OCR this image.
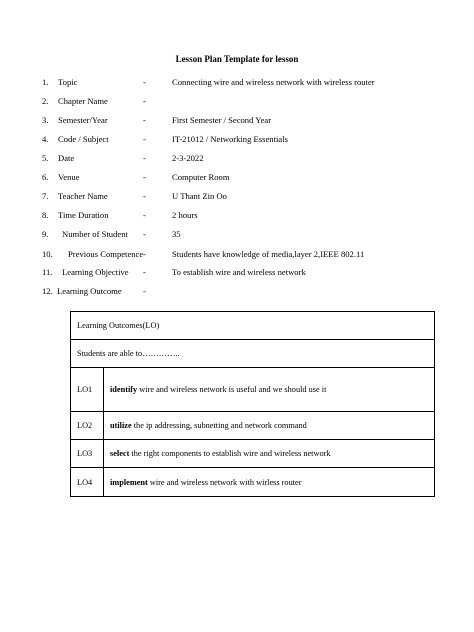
Lesson Plan Template for lesson
1. Topic	-	Connecting wire and wireless network with wireless router
2. Chapter Name	-
3. Semester/Year	-	First Semester / Second Year
4. Code / Subject	-	IT-21012 / Networking Essentials
5. Date	-	2-3-2022
6. Venue	-	Computer Room
7. Teacher Name	-	U Thant Zin Oo
8. Time Duration	-	2 hours
9. Number of Student -	35
10. Previous Competence -	Students have knowledge of media,layer 2,IEEE 802.11
11. Learning Objective -	To establish wire and wireless network
12. Learning Outcome -
Learning Outcomes(LO)	
Students are able to…………..	
LO1	identify wire and wireless network is useful and we should use it
LO2	utilize the ip addressing, subnetting and network command
LO3	select the right components to establish wire and wireless network
LO4	implement wire and wireless network with wirless router
